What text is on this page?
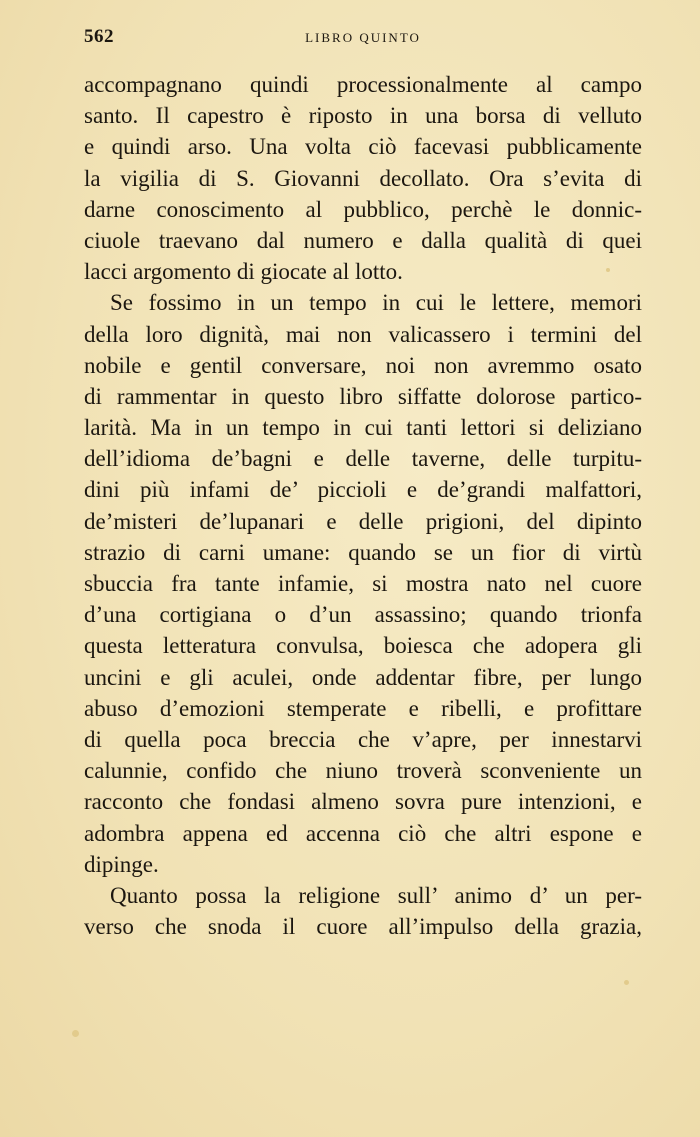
562	LIBRO QUINTO
accompagnano quindi processionalmente al campo
santo. Il capestro è riposto in una borsa di velluto
e quindi arso. Una volta ciò facevasi pubblicamente
la vigilia di S. Giovanni decollato. Ora s’evita di
darne conoscimento al pubblico, perchè le donnic-
ciuole traevano dal numero e dalla qualità di quei
lacci argomento di giocate al lotto.
Se fossimo in un tempo in cui le lettere, memori
della loro dignità, mai non valicassero i termini del
nobile e gentil conversare, noi non avremmo osato
di rammentar in questo libro siffatte dolorose partico-
larità. Ma in un tempo in cui tanti lettori si deliziano
dell’idioma de’bagni e delle taverne, delle turpitu-
dini più infami de’ piccioli e de’grandi malfattori,
de’misteri de’lupanari e delle prigioni, del dipinto
strazio di carni umane: quando se un fior di virtù
sbuccia fra tante infamie, si mostra nato nel cuore
d’una cortigiana o d’un assassino; quando trionfa
questa letteratura convulsa, boiesca che adopera gli
uncini e gli aculei, onde addentar fibre, per lungo
abuso d’emozioni stemperate e ribelli, e profittare
di quella poca breccia che v’apre, per innestarvi
calunnie, confido che niuno troverà sconveniente un
racconto che fondasi almeno sovra pure intenzioni, e
adombra appena ed accenna ciò che altri espone e
dipinge.
Quanto possa la religione sull’ animo d’ un per-
verso che snoda il cuore all’impulso della grazia,
